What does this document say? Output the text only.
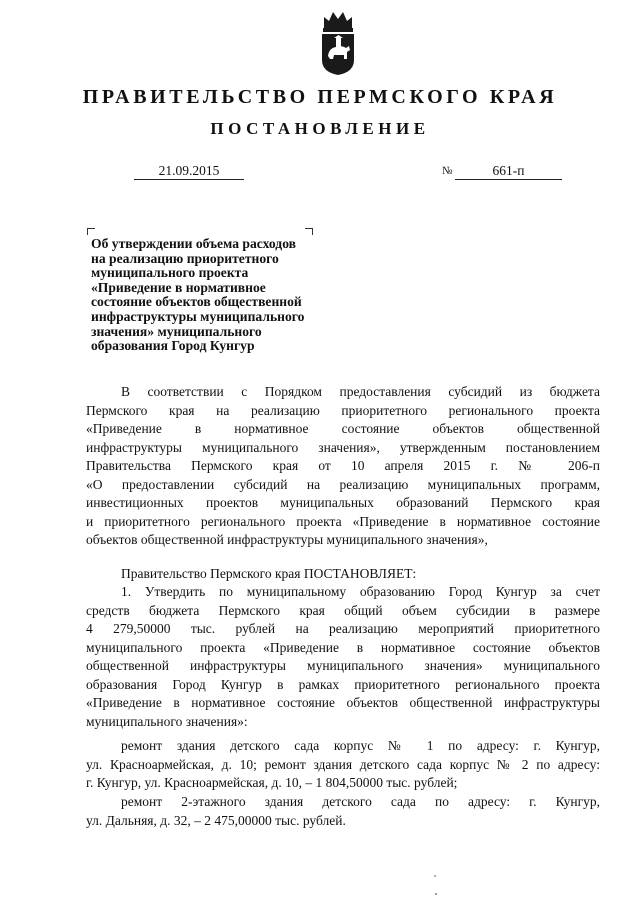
ПРАВИТЕЛЬСТВО ПЕРМСКОГО КРАЯ
ПОСТАНОВЛЕНИЕ
21.09.2015	№	661-п
Об утверждении объема расходов
на реализацию приоритетного
муниципального проекта
«Приведение в нормативное
состояние объектов общественной
инфраструктуры муниципального
значения» муниципального
образования Город Кунгур
В соответствии с Порядком предоставления субсидий из бюджета
Пермского края на реализацию приоритетного регионального проекта
«Приведение в нормативное состояние объектов общественной
инфраструктуры муниципального значения», утвержденным постановлением
Правительства Пермского края от 10 апреля 2015 г. № 206-п
«О предоставлении субсидий на реализацию муниципальных программ,
инвестиционных проектов муниципальных образований Пермского края
и приоритетного регионального проекта «Приведение в нормативное состояние
объектов общественной инфраструктуры муниципального значения»,
Правительство Пермского края ПОСТАНОВЛЯЕТ:
1. Утвердить по муниципальному образованию Город Кунгур за счет
средств бюджета Пермского края общий объем субсидии в размере
4 279,50000 тыс. рублей на реализацию мероприятий приоритетного
муниципального проекта «Приведение в нормативное состояние объектов
общественной инфраструктуры муниципального значения» муниципального
образования Город Кунгур в рамках приоритетного регионального проекта
«Приведение в нормативное состояние объектов общественной инфраструктуры
муниципального значения»:
ремонт здания детского сада корпус № 1 по адресу: г. Кунгур,
ул. Красноармейская, д. 10; ремонт здания детского сада корпус № 2 по адресу:
г. Кунгур, ул. Красноармейская, д. 10, – 1 804,50000 тыс. рублей;
ремонт 2-этажного здания детского сада по адресу: г. Кунгур,
ул. Дальняя, д. 32, – 2 475,00000 тыс. рублей.
